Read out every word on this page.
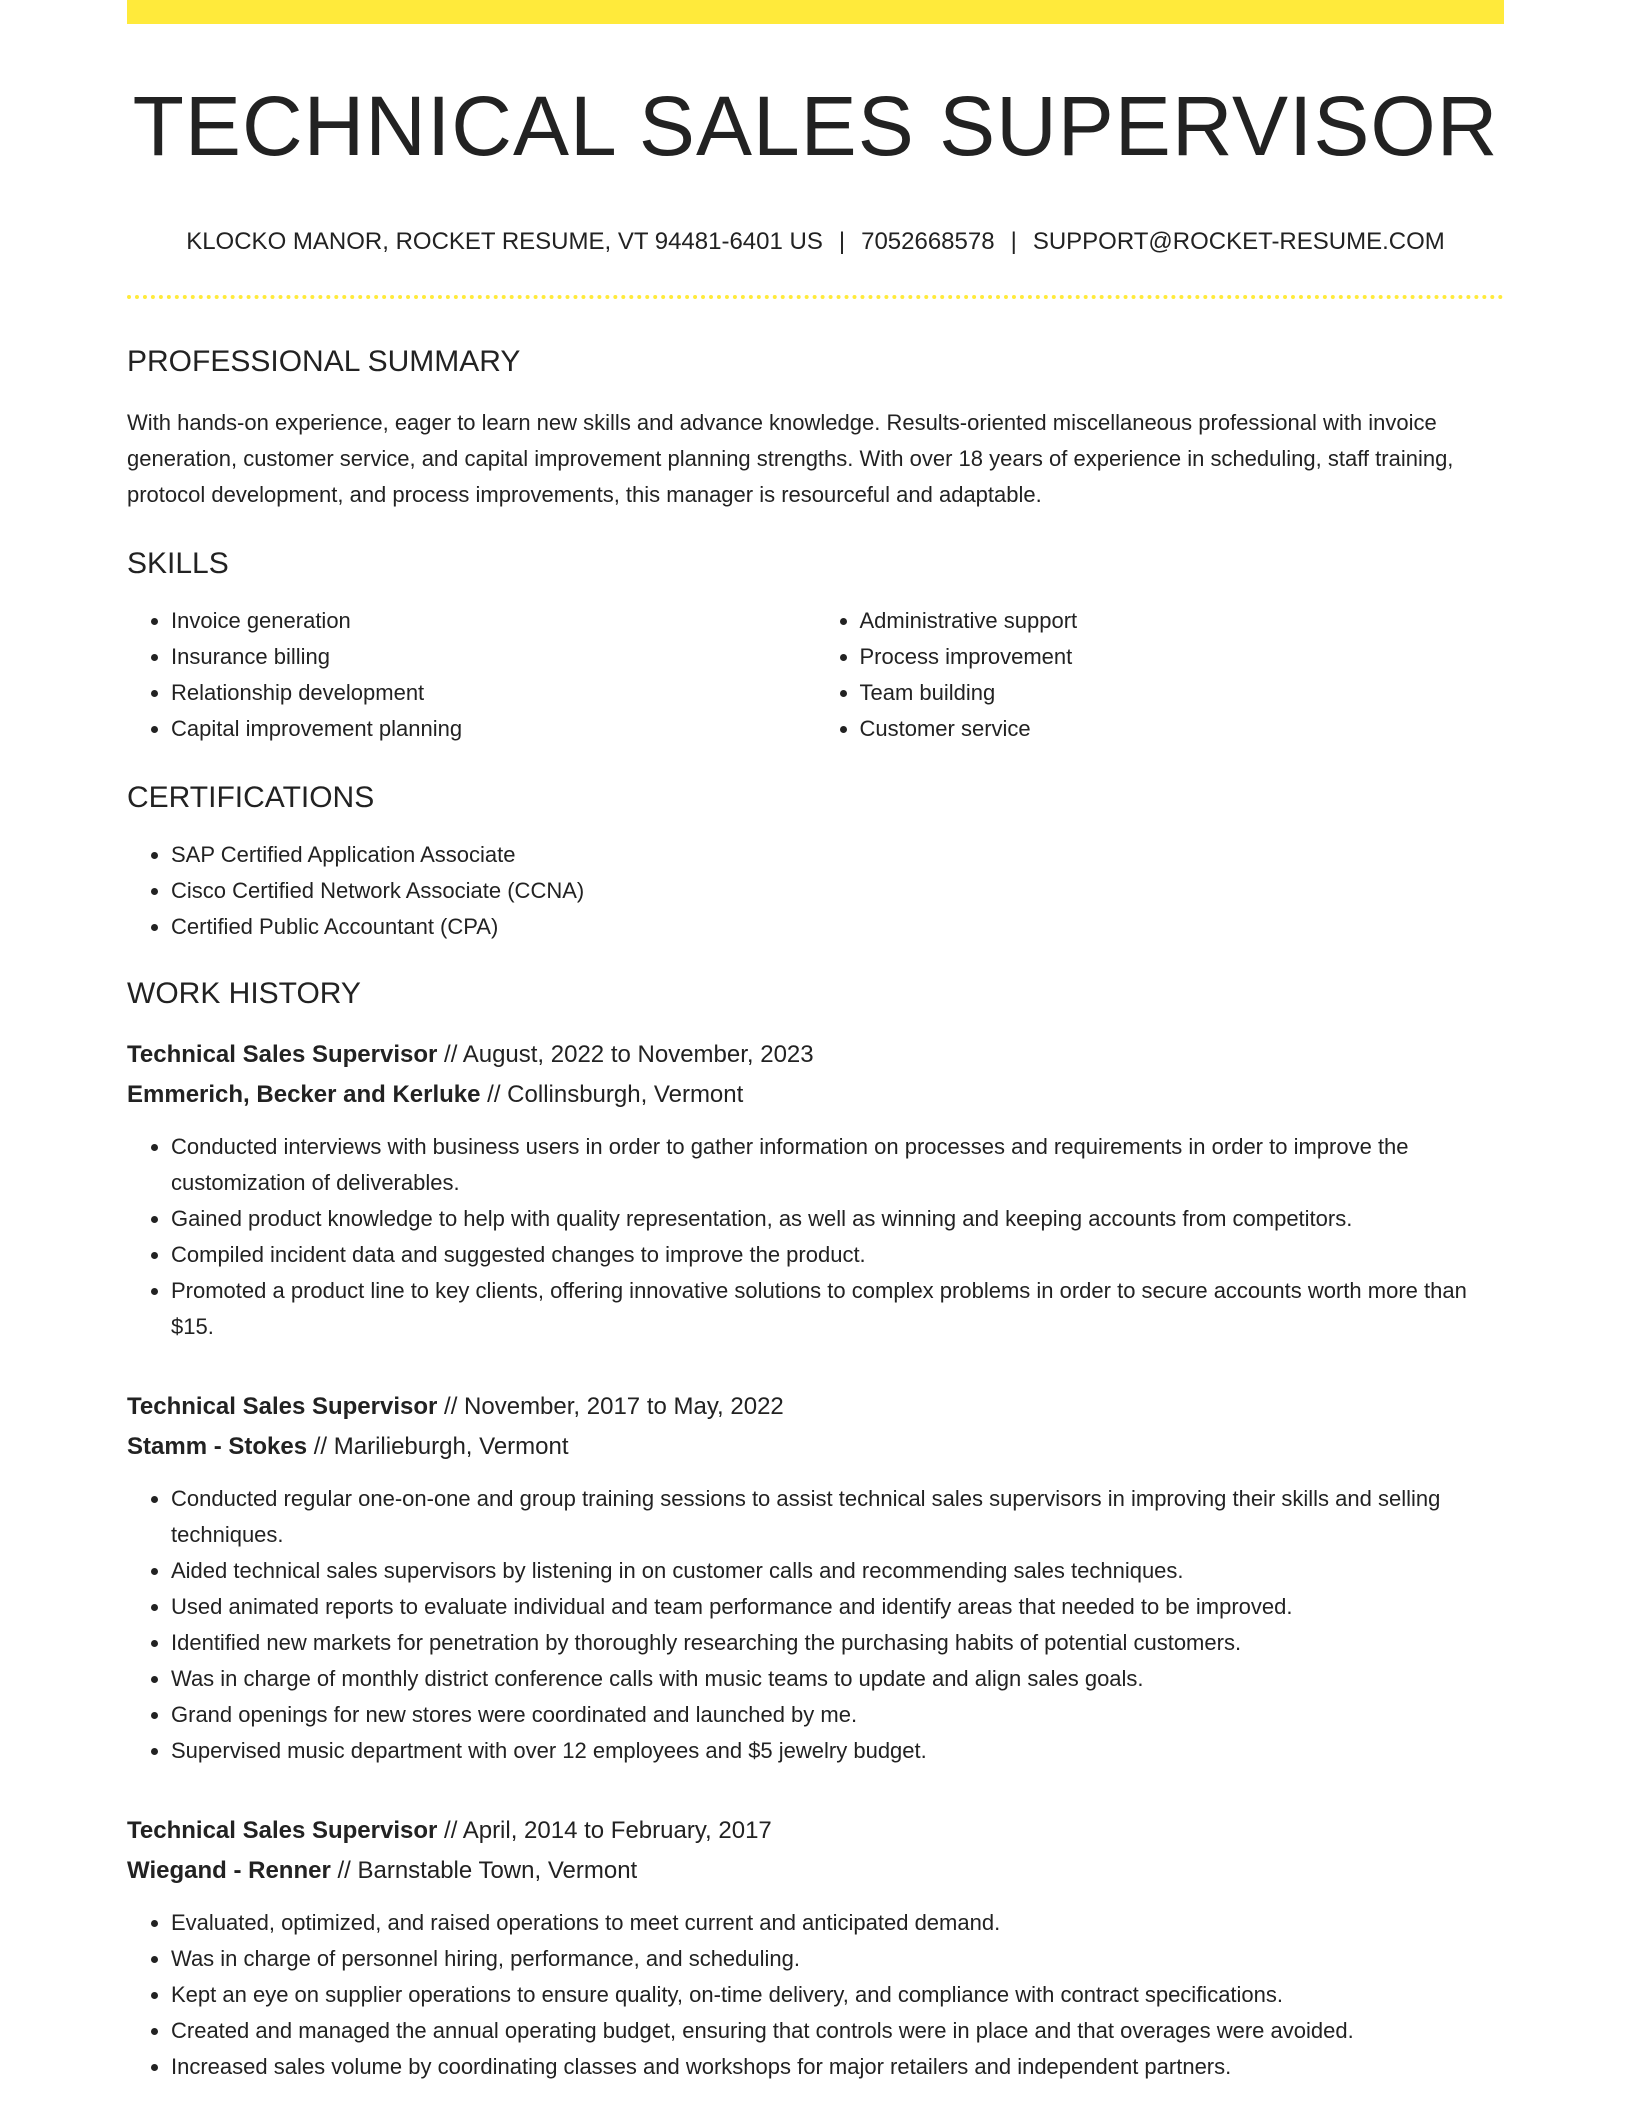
TECHNICAL SALES SUPERVISOR
KLOCKO MANOR, ROCKET RESUME, VT 94481-6401 US | 7052668578 | SUPPORT@ROCKET-RESUME.COM
PROFESSIONAL SUMMARY

With hands-on experience, eager to learn new skills and advance knowledge. Results-oriented miscellaneous professional with invoice generation, customer service, and capital improvement planning strengths. With over 18 years of experience in scheduling, staff training, protocol development, and process improvements, this manager is resourceful and adaptable.

SKILLS
• Invoice generation
• Insurance billing
• Relationship development
• Capital improvement planning
• Administrative support
• Process improvement
• Team building
• Customer service
CERTIFICATIONS
• SAP Certified Application Associate
• Cisco Certified Network Associate (CCNA)
• Certified Public Accountant (CPA)
WORK HISTORY
Technical Sales Supervisor // August, 2022 to November, 2023
Emmerich, Becker and Kerluke // Collinsburgh, Vermont
• Conducted interviews with business users in order to gather information on processes and requirements in order to improve the customization of deliverables.
• Gained product knowledge to help with quality representation, as well as winning and keeping accounts from competitors.
• Compiled incident data and suggested changes to improve the product.
• Promoted a product line to key clients, offering innovative solutions to complex problems in order to secure accounts worth more than $15.
Technical Sales Supervisor // November, 2017 to May, 2022
Stamm - Stokes // Marilieburgh, Vermont
• Conducted regular one-on-one and group training sessions to assist technical sales supervisors in improving their skills and selling techniques.
• Aided technical sales supervisors by listening in on customer calls and recommending sales techniques.
• Used animated reports to evaluate individual and team performance and identify areas that needed to be improved.
• Identified new markets for penetration by thoroughly researching the purchasing habits of potential customers.
• Was in charge of monthly district conference calls with music teams to update and align sales goals.
• Grand openings for new stores were coordinated and launched by me.
• Supervised music department with over 12 employees and $5 jewelry budget.
Technical Sales Supervisor // April, 2014 to February, 2017
Wiegand - Renner // Barnstable Town, Vermont
• Evaluated, optimized, and raised operations to meet current and anticipated demand.
• Was in charge of personnel hiring, performance, and scheduling.
• Kept an eye on supplier operations to ensure quality, on-time delivery, and compliance with contract specifications.
• Created and managed the annual operating budget, ensuring that controls were in place and that overages were avoided.
• Increased sales volume by coordinating classes and workshops for major retailers and independent partners.
